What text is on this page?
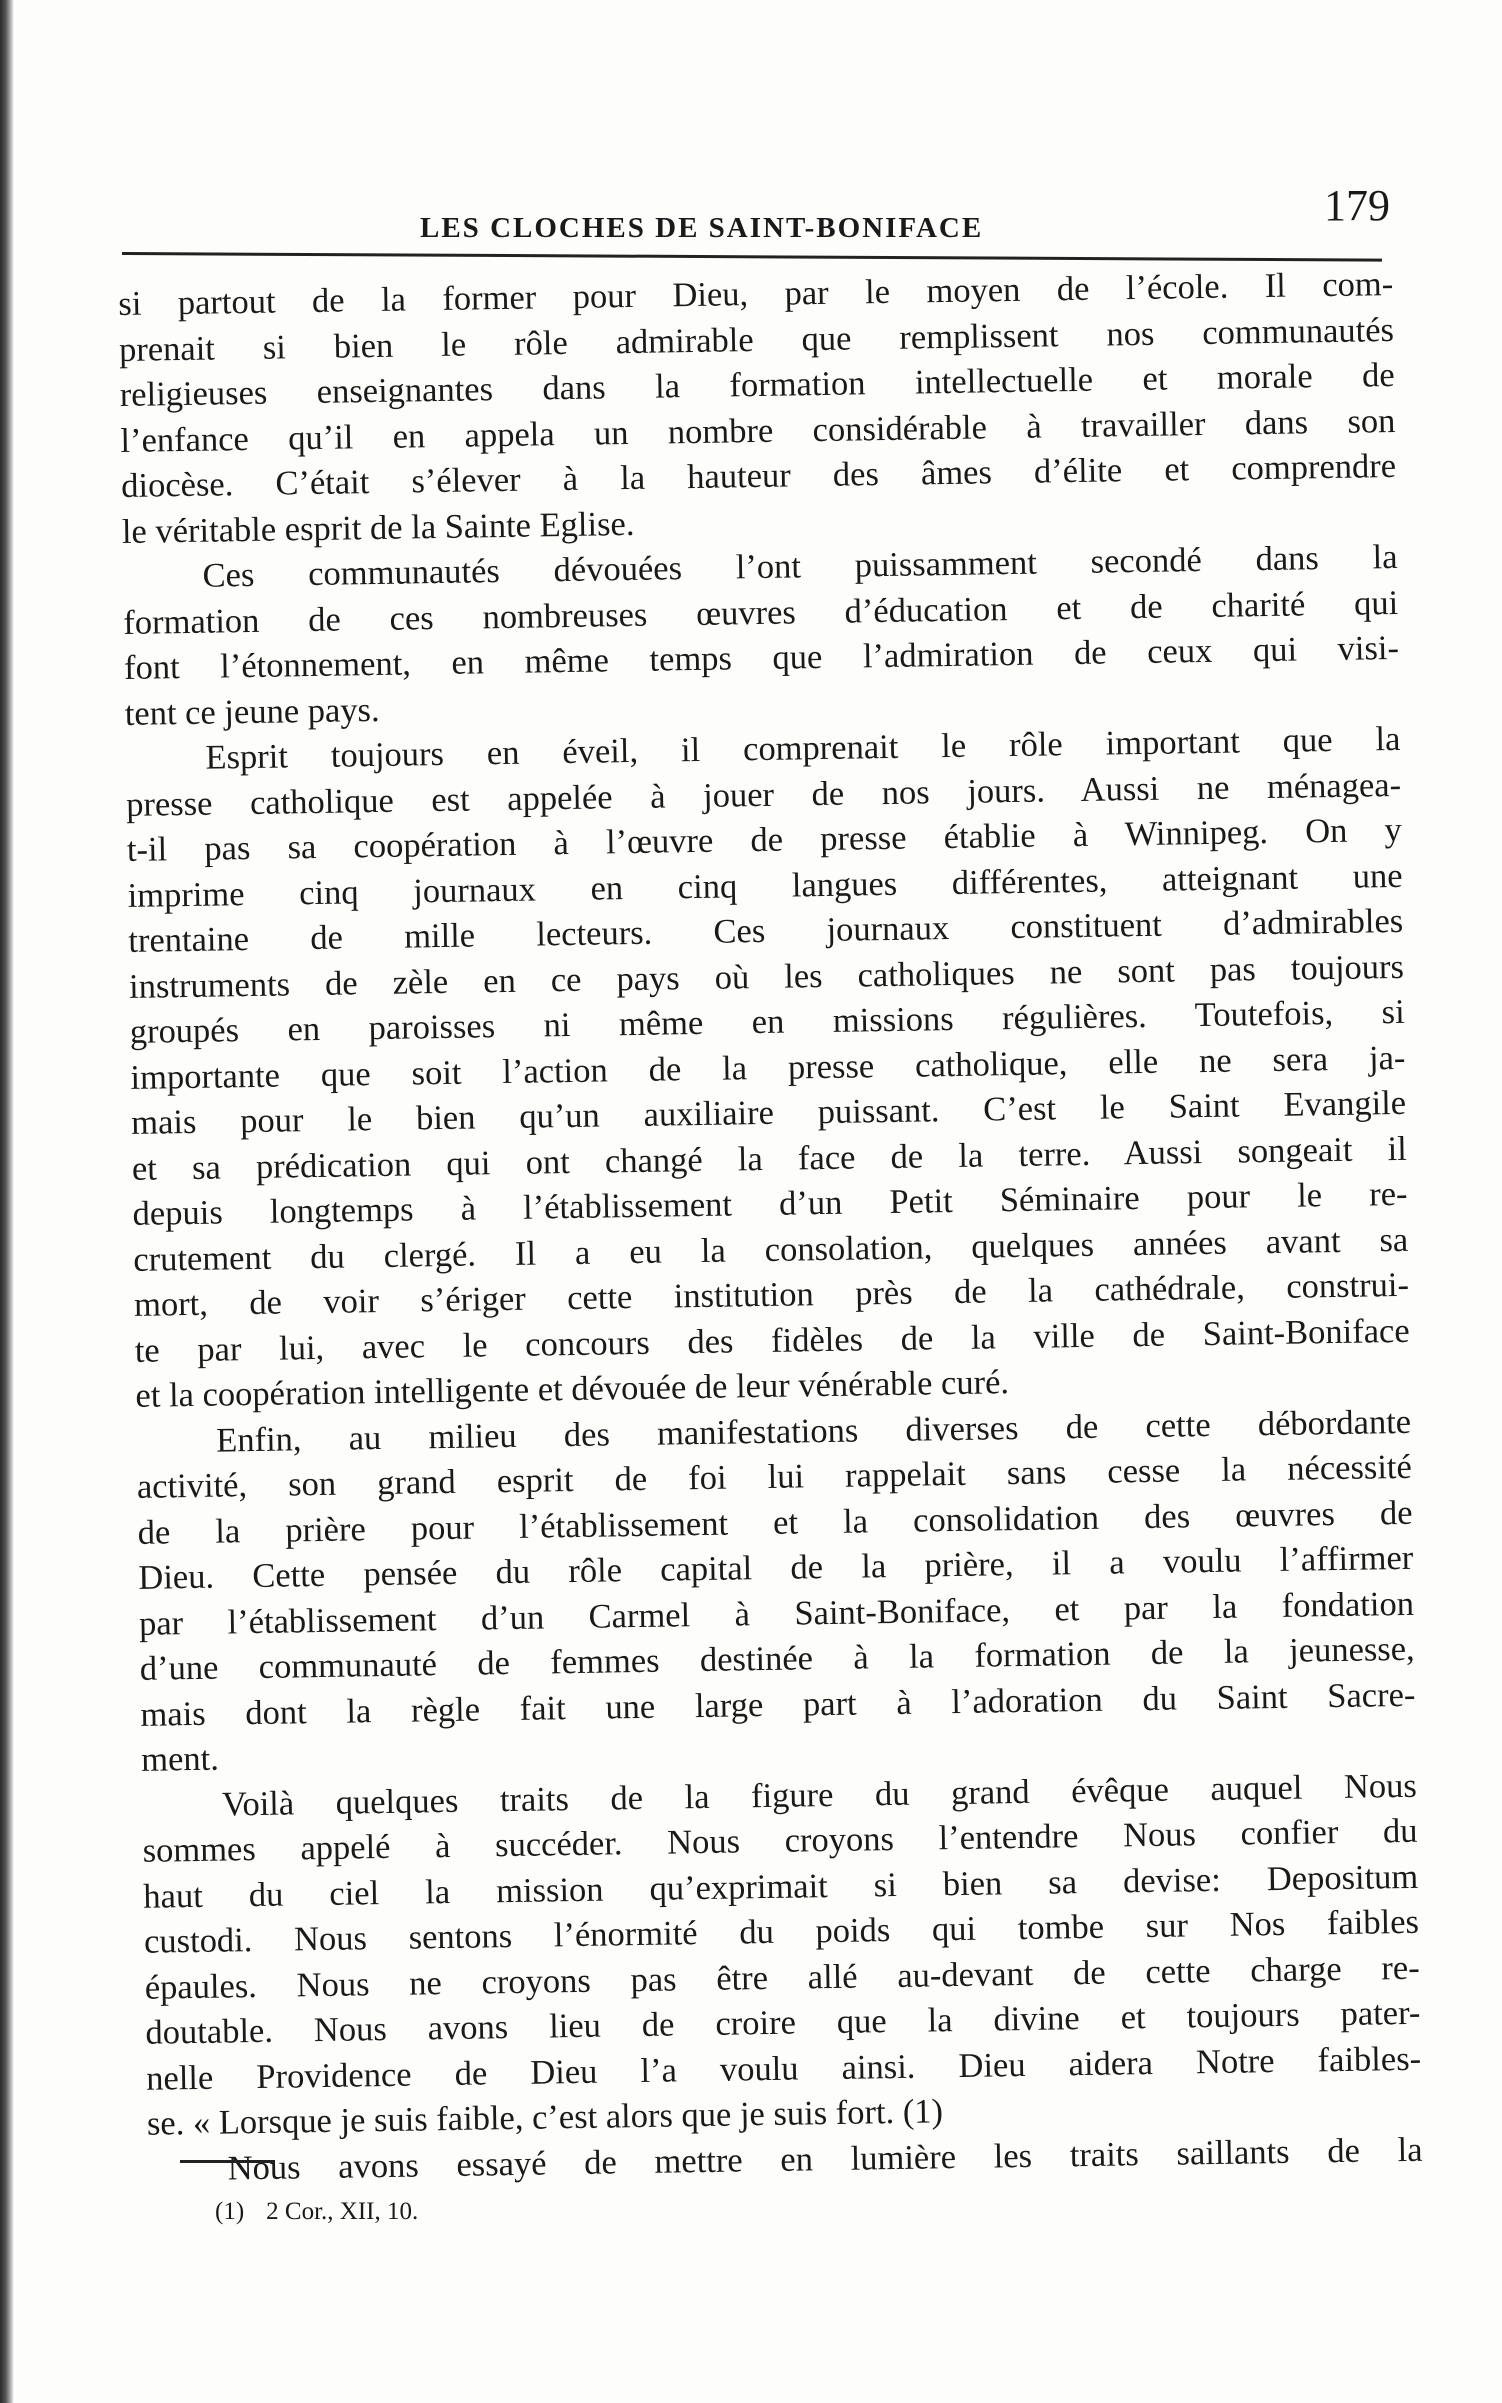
LES CLOCHES DE SAINT-BONIFACE	179
si partout de la former pour Dieu, par le moyen de l’école. Il com-
prenait si bien le rôle admirable que remplissent nos communautés
religieuses enseignantes dans la formation intellectuelle et morale de
l’enfance qu’il en appela un nombre considérable à travailler dans son
diocèse. C’était s’élever à la hauteur des âmes d’élite et comprendre
le véritable esprit de la Sainte Eglise.
Ces communautés dévouées l’ont puissamment secondé dans la
formation de ces nombreuses œuvres d’éducation et de charité qui
font l’étonnement, en même temps que l’admiration de ceux qui visi-
tent ce jeune pays.
Esprit toujours en éveil, il comprenait le rôle important que la
presse catholique est appelée à jouer de nos jours. Aussi ne ménagea-
t-il pas sa coopération à l’œuvre de presse établie à Winnipeg. On y
imprime cinq journaux en cinq langues différentes, atteignant une
trentaine de mille lecteurs. Ces journaux constituent d’admirables
instruments de zèle en ce pays où les catholiques ne sont pas toujours
groupés en paroisses ni même en missions régulières. Toutefois, si
importante que soit l’action de la presse catholique, elle ne sera ja-
mais pour le bien qu’un auxiliaire puissant. C’est le Saint Evangile
et sa prédication qui ont changé la face de la terre. Aussi songeait il
depuis longtemps à l’établissement d’un Petit Séminaire pour le re-
crutement du clergé. Il a eu la consolation, quelques années avant sa
mort, de voir s’ériger cette institution près de la cathédrale, construi-
te par lui, avec le concours des fidèles de la ville de Saint-Boniface
et la coopération intelligente et dévouée de leur vénérable curé.
Enfin, au milieu des manifestations diverses de cette débordante
activité, son grand esprit de foi lui rappelait sans cesse la nécessité
de la prière pour l’établissement et la consolidation des œuvres de
Dieu. Cette pensée du rôle capital de la prière, il a voulu l’affirmer
par l’établissement d’un Carmel à Saint-Boniface, et par la fondation
d’une communauté de femmes destinée à la formation de la jeunesse,
mais dont la règle fait une large part à l’adoration du Saint Sacre-
ment.
Voilà quelques traits de la figure du grand évêque auquel Nous
sommes appelé à succéder. Nous croyons l’entendre Nous confier du
haut du ciel la mission qu’exprimait si bien sa devise: Depositum
custodi. Nous sentons l’énormité du poids qui tombe sur Nos faibles
épaules. Nous ne croyons pas être allé au-devant de cette charge re-
doutable. Nous avons lieu de croire que la divine et toujours pater-
nelle Providence de Dieu l’a voulu ainsi. Dieu aidera Notre faibles-
se. « Lorsque je suis faible, c’est alors que je suis fort. (1)
Nous avons essayé de mettre en lumière les traits saillants de la
(1) 2 Cor., XII, 10.
